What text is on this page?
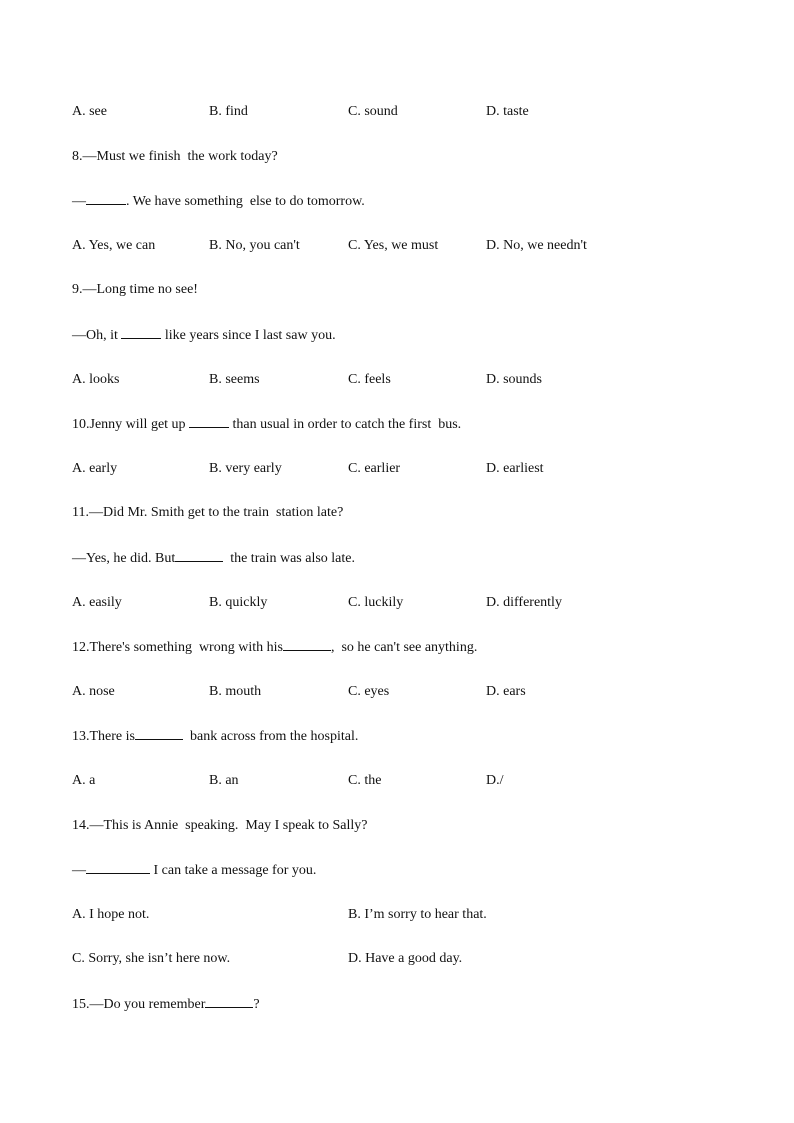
A. see	B. find	C. sound	D. taste
8.—Must we finish  the work today?
—	. We have something  else to do tomorrow.
A. Yes, we can	B. No, you can't	C. Yes, we must	D. No, we needn't
9.—Long time no see!
—Oh, it	like years since I last saw you.
A. looks	B. seems	C. feels	D. sounds
10.Jenny will get up	than usual in order to catch the first  bus.
A. early	B. very early	C. earlier	D. earliest
11.—Did Mr. Smith get to the train  station late?
—Yes, he did. But	the train was also late.
A. easily	B. quickly	C. luckily	D. differently
12.There's something  wrong with his	,  so he can't see anything.
A. nose	B. mouth	C. eyes	D. ears
13.There is	bank across from the hospital.
A. a	B. an	C. the	D./
14.—This is Annie  speaking.  May I speak to Sally?
—	I can take a message for you.
A. I hope not.	B. I’m sorry to hear that.
C. Sorry, she isn’t here now.	D. Have a good day.
15.—Do you remember	?
